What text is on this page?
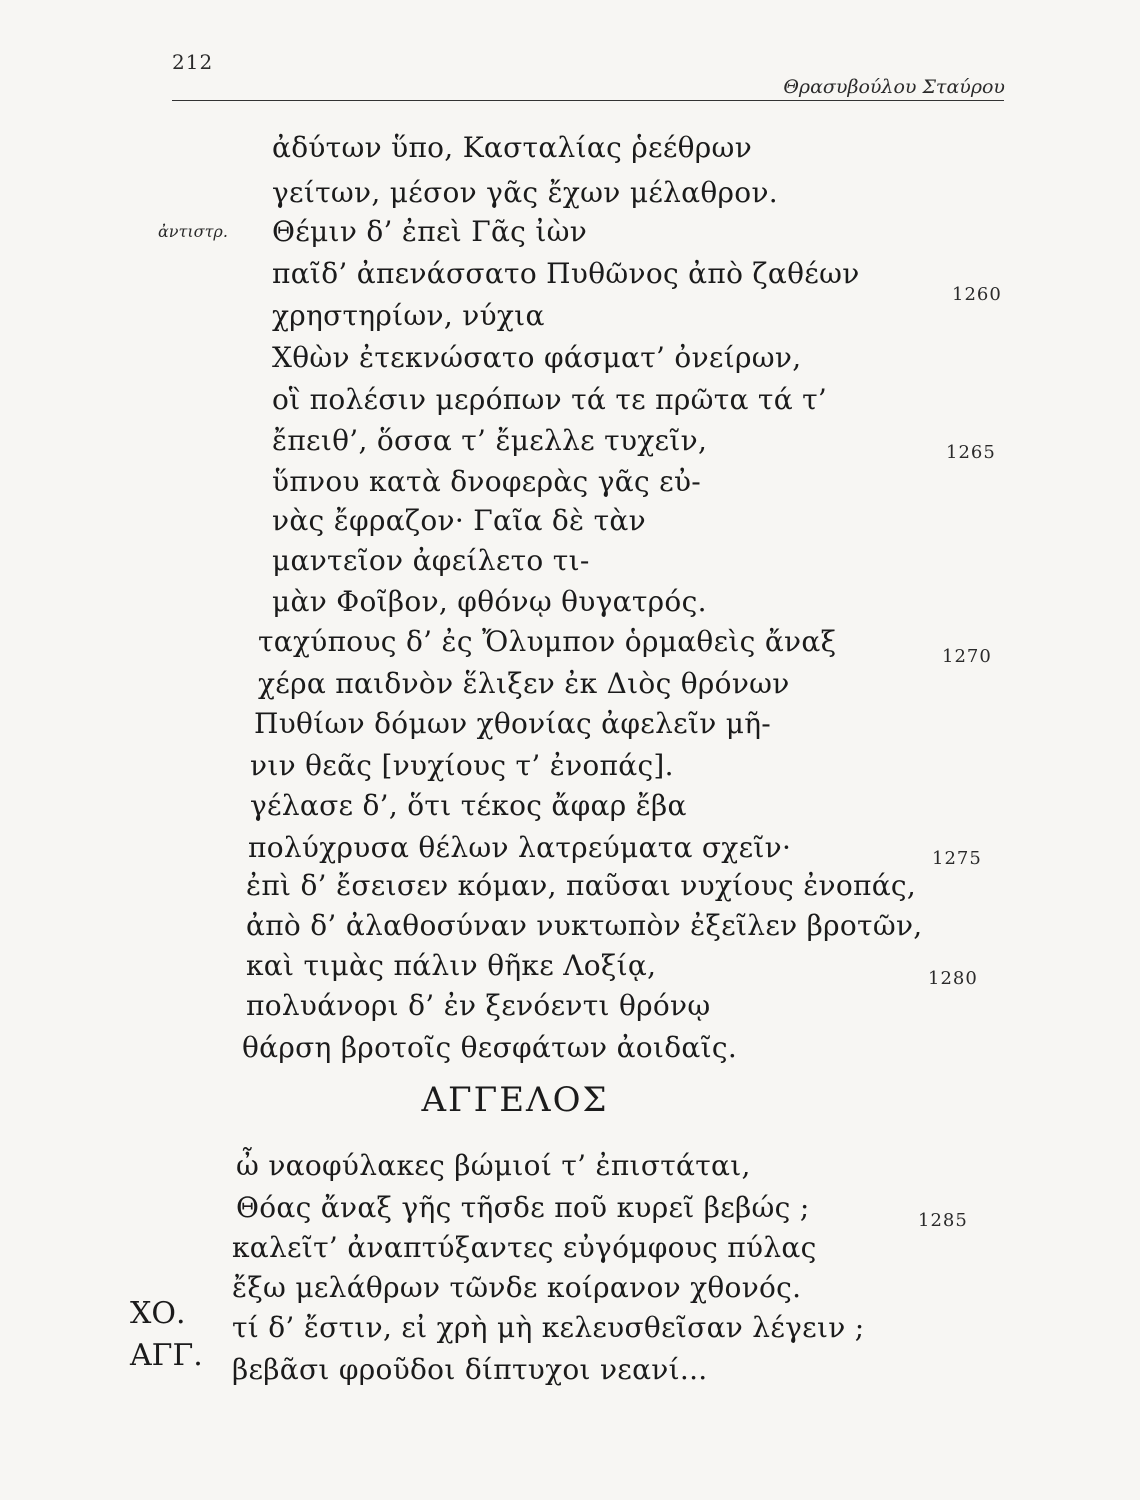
212
Θρασυβούλου Σταύρου
ἀντιστρ.
ἀδύτων ὕπο, Κασταλίας ῥεέθρων
γείτων, μέσον γᾶς ἔχων μέλαθρον.
Θέμιν δ’ ἐπεὶ Γᾶς ἰὼν
παῖδ’ ἀπενάσσατο Πυθῶνος ἀπὸ ζαθέων
χρηστηρίων, νύχια
Χθὼν ἐτεκνώσατο φάσματ’ ὀνείρων,
οἳ πολέσιν μερόπων τά τε πρῶτα τά τ’
ἔπειθ’, ὅσσα τ’ ἔμελλε τυχεῖν,
ὕπνου κατὰ δνοφερὰς γᾶς εὐ-
νὰς ἔφραζον· Γαῖα δὲ τὰν
μαντεῖον ἀφείλετο τι-
μὰν Φοῖβον, φθόνῳ θυγατρός.
ταχύπους δ’ ἐς Ὄλυμπον ὁρμαθεὶς ἄναξ
χέρα παιδνὸν ἕλιξεν ἐκ Διὸς θρόνων
Πυθίων δόμων χθονίας ἀφελεῖν μῆ-
νιν θεᾶς [νυχίους τ’ ἐνοπάς].
γέλασε δ’, ὅτι τέκος ἄφαρ ἔβα
πολύχρυσα θέλων λατρεύματα σχεῖν·
ἐπὶ δ’ ἔσεισεν κόμαν, παῦσαι νυχίους ἐνοπάς,
ἀπὸ δ’ ἀλαθοσύναν νυκτωπὸν ἐξεῖλεν βροτῶν,
καὶ τιμὰς πάλιν θῆκε Λοξίᾳ,
πολυάνορι δ’ ἐν ξενόεντι θρόνῳ
θάρση βροτοῖς θεσφάτων ἀοιδαῖς.
1260
1265
1270
1275
1280
1285
ΑΓΓΕΛΟΣ
ὦ ναοφύλακες βώμιοί τ’ ἐπιστάται,
Θόας ἄναξ γῆς τῆσδε ποῦ κυρεῖ βεβώς ;
καλεῖτ’ ἀναπτύξαντες εὐγόμφους πύλας
ἔξω μελάθρων τῶνδε κοίρανον χθονός.
τί δ’ ἔστιν, εἰ χρὴ μὴ κελευσθεῖσαν λέγειν ;
βεβᾶσι φροῦδοι δίπτυχοι νεανί...
ΧΟ.
ΑΓΓ.
